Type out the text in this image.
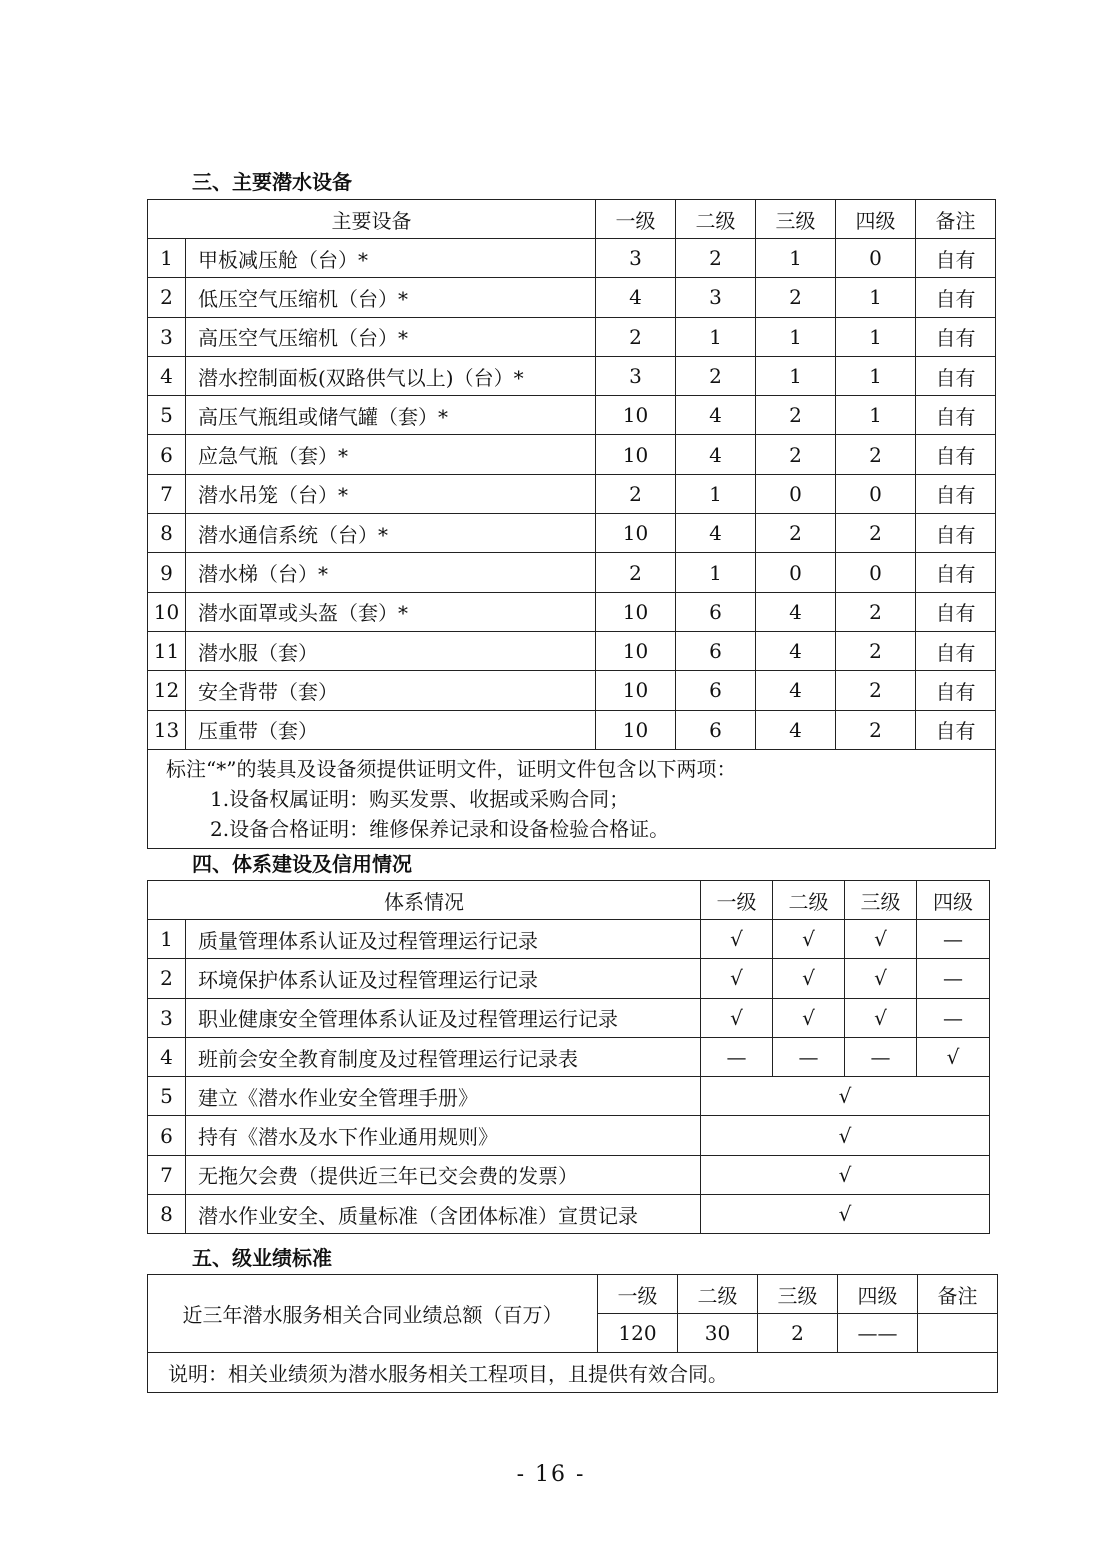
三、主要潜水设备
主要设备		一级	二级	三级	四级	备注
1	甲板减压舱（台）*	3	2	1	0	自有
2	低压空气压缩机（台）*	4	3	2	1	自有
3	高压空气压缩机（台）*	2	1	1	1	自有
4	潜水控制面板(双路供气以上)（台）*	3	2	1	1	自有
5	高压气瓶组或储气罐（套）*	10	4	2	1	自有
6	应急气瓶（套）*	10	4	2	2	自有
7	潜水吊笼（台）*	2	1	0	0	自有
8	潜水通信系统（台）*	10	4	2	2	自有
9	潜水梯（台）*	2	1	0	0	自有
10	潜水面罩或头盔（套）*	10	6	4	2	自有
11	潜水服（套）	10	6	4	2	自有
12	安全背带（套）	10	6	4	2	自有
13	压重带（套）	10	6	4	2	自有

标注“*”的装具及设备须提供证明文件，证明文件包含以下两项：
1.设备权属证明：购买发票、收据或采购合同；
2.设备合格证明：维修保养记录和设备检验合格证。						
四、体系建设及信用情况
体系情况		一级	二级	三级	四级
1	质量管理体系认证及过程管理运行记录	√	√	√	—
2	环境保护体系认证及过程管理运行记录	√	√	√	—
3	职业健康安全管理体系认证及过程管理运行记录	√	√	√	—
4	班前会安全教育制度及过程管理运行记录表	—	—	—	√
5	建立《潜水作业安全管理手册》	√			
6	持有《潜水及水下作业通用规则》	√			
7	无拖欠会费（提供近三年已交会费的发票）	√			
8	潜水作业安全、质量标准（含团体标准）宣贯记录	√			
五、级业绩标准
近三年潜水服务相关合同业绩总额（百万）	一级	二级	三级	四级	备注
	120	30	2	——	
说明：相关业绩须为潜水服务相关工程项目，且提供有效合同。					
- 16 -
